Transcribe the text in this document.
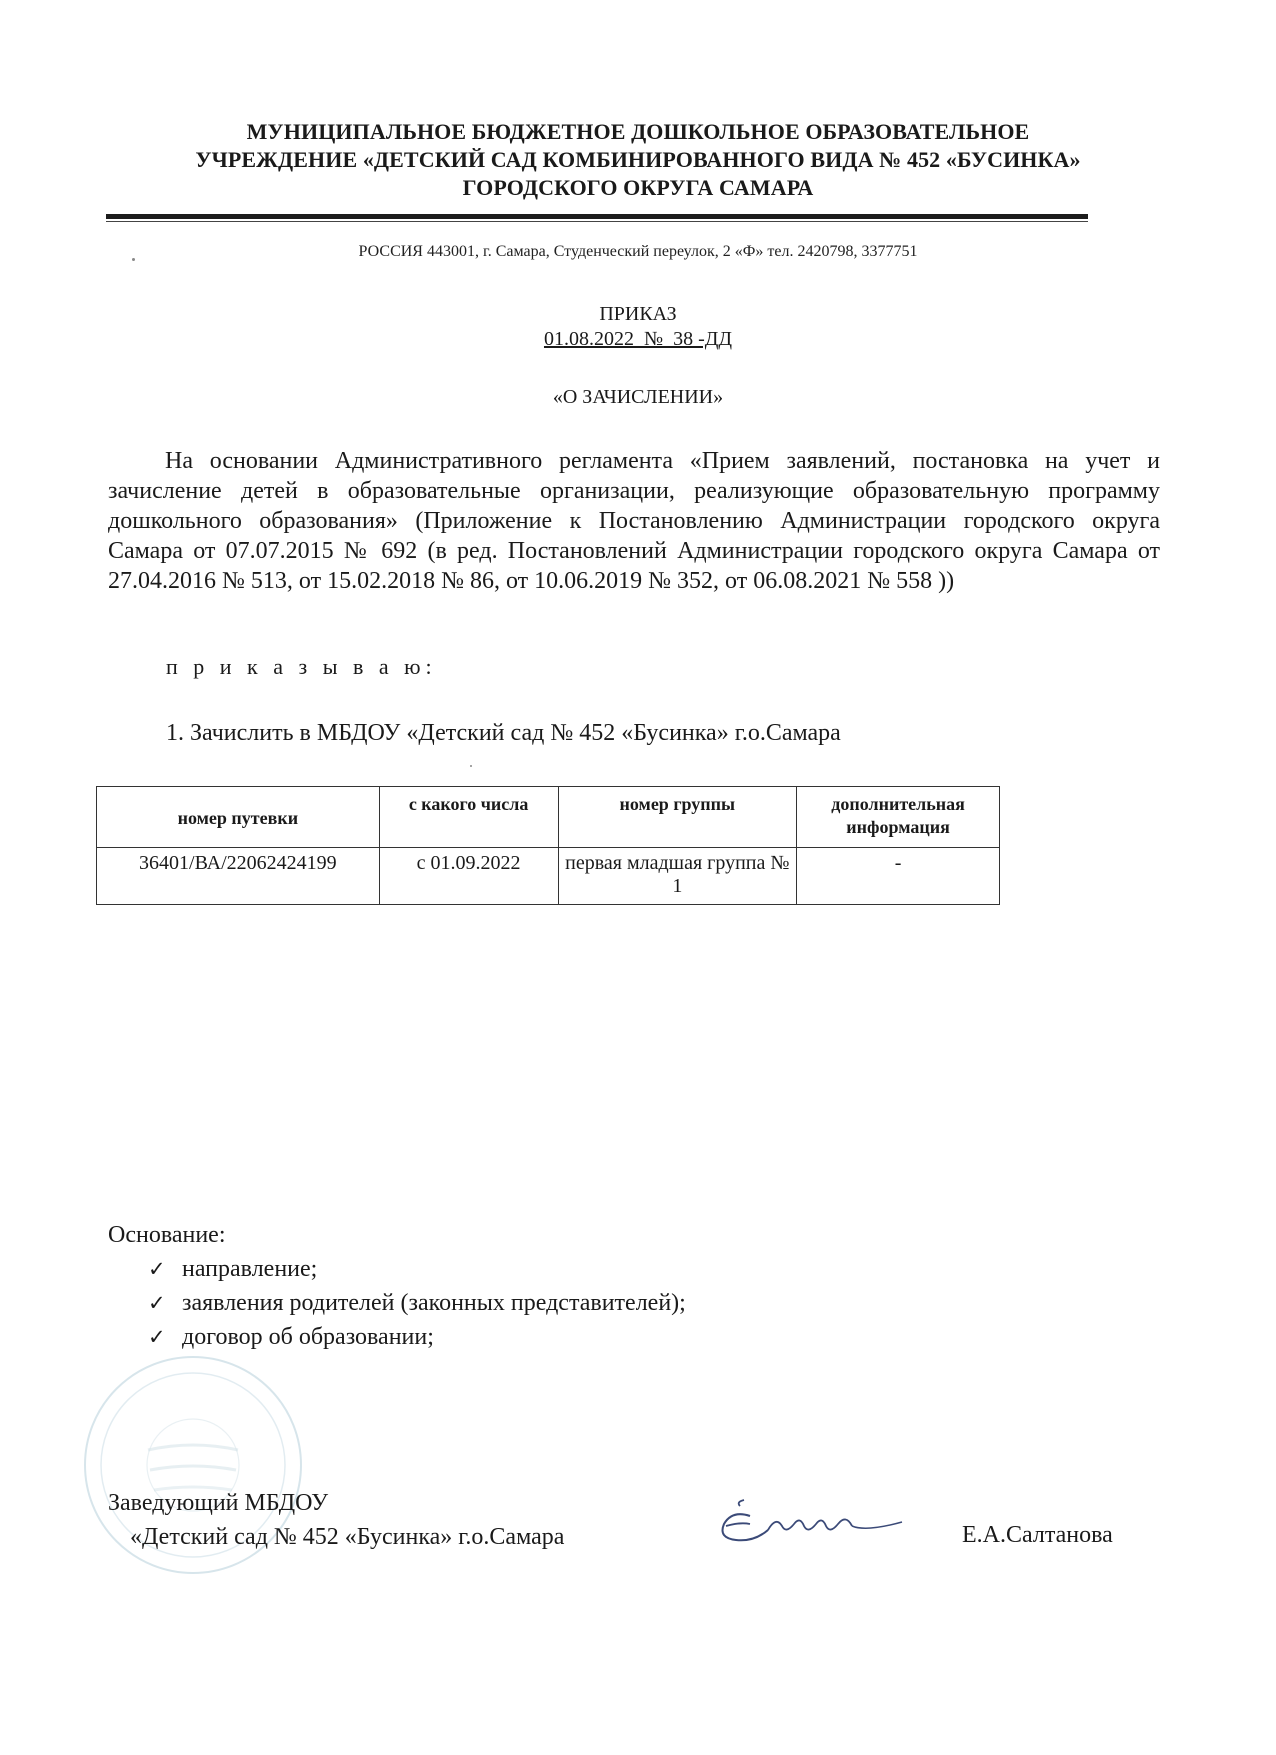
МУНИЦИПАЛЬНОЕ БЮДЖЕТНОЕ ДОШКОЛЬНОЕ ОБРАЗОВАТЕЛЬНОЕ
УЧРЕЖДЕНИЕ «ДЕТСКИЙ САД КОМБИНИРОВАННОГО ВИДА № 452 «БУСИНКА»
ГОРОДСКОГО ОКРУГА САМАРА
РОССИЯ 443001, г. Самара, Студенческий переулок, 2 «Ф» тел. 2420798, 3377751
ПРИКАЗ
01.08.2022  №  38 -ДД
«О ЗАЧИСЛЕНИИ»
На основании Административного регламента «Прием заявлений, постановка на учет и зачисление детей в образовательные организации, реализующие образовательную программу дошкольного образования» (Приложение к Постановлению Администрации городского округа Самара от 07.07.2015 № 692 (в ред. Постановлений Администрации городского округа Самара от 27.04.2016 № 513, от 15.02.2018 № 86, от 10.06.2019 № 352, от 06.08.2021 № 558 ))
п р и к а з ы в а ю:
1. Зачислить в МБДОУ «Детский сад № 452 «Бусинка» г.о.Самара
номер путевки	с какого числа	номер группы	дополнительная информация
36401/ВА/22062424199	с 01.09.2022	первая младшая группа № 1	-
Основание:
✓ направление;
✓ заявления родителей (законных представителей);
✓ договор об образовании;
Заведующий МБДОУ
«Детский сад № 452 «Бусинка» г.о.Самара	Е.А.Салтанова
